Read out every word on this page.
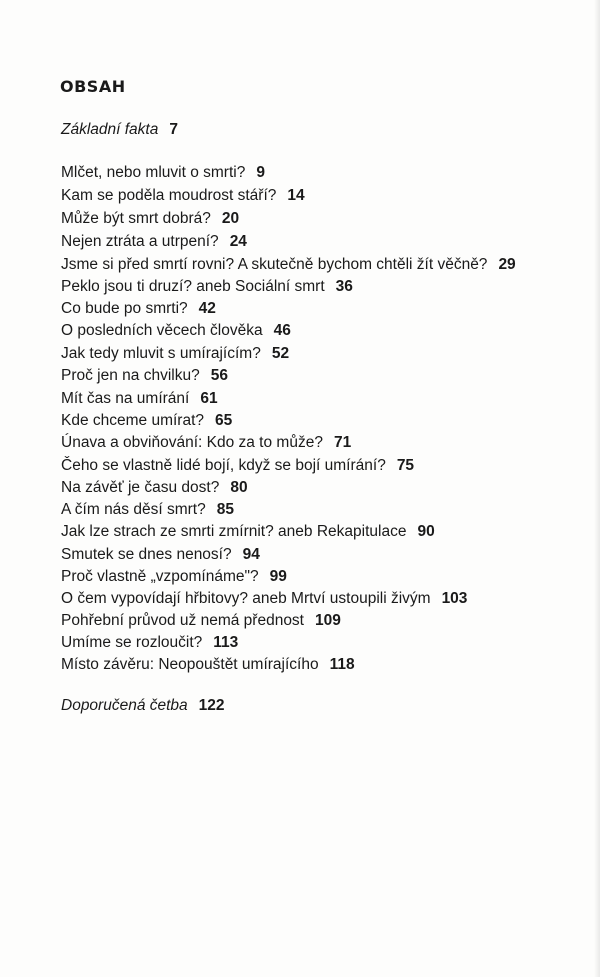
OBSAH
Základní fakta 7
Mlčet, nebo mluvit o smrti? 9
Kam se poděla moudrost stáří? 14
Může být smrt dobrá? 20
Nejen ztráta a utrpení? 24
Jsme si před smrtí rovni? A skutečně bychom chtěli žít věčně? 29
Peklo jsou ti druzí? aneb Sociální smrt 36
Co bude po smrti? 42
O posledních věcech člověka 46
Jak tedy mluvit s umírajícím? 52
Proč jen na chvilku? 56
Mít čas na umírání 61
Kde chceme umírat? 65
Únava a obviňování: Kdo za to může? 71
Čeho se vlastně lidé bojí, když se bojí umírání? 75
Na závěť je času dost? 80
A čím nás děsí smrt? 85
Jak lze strach ze smrti zmírnit? aneb Rekapitulace 90
Smutek se dnes nenosí? 94
Proč vlastně „vzpomínáme"? 99
O čem vypovídají hřbitovy? aneb Mrtví ustoupili živým 103
Pohřební průvod už nemá přednost 109
Umíme se rozloučit? 113
Místo závěru: Neopouštět umírajícího 118
Doporučená četba 122
